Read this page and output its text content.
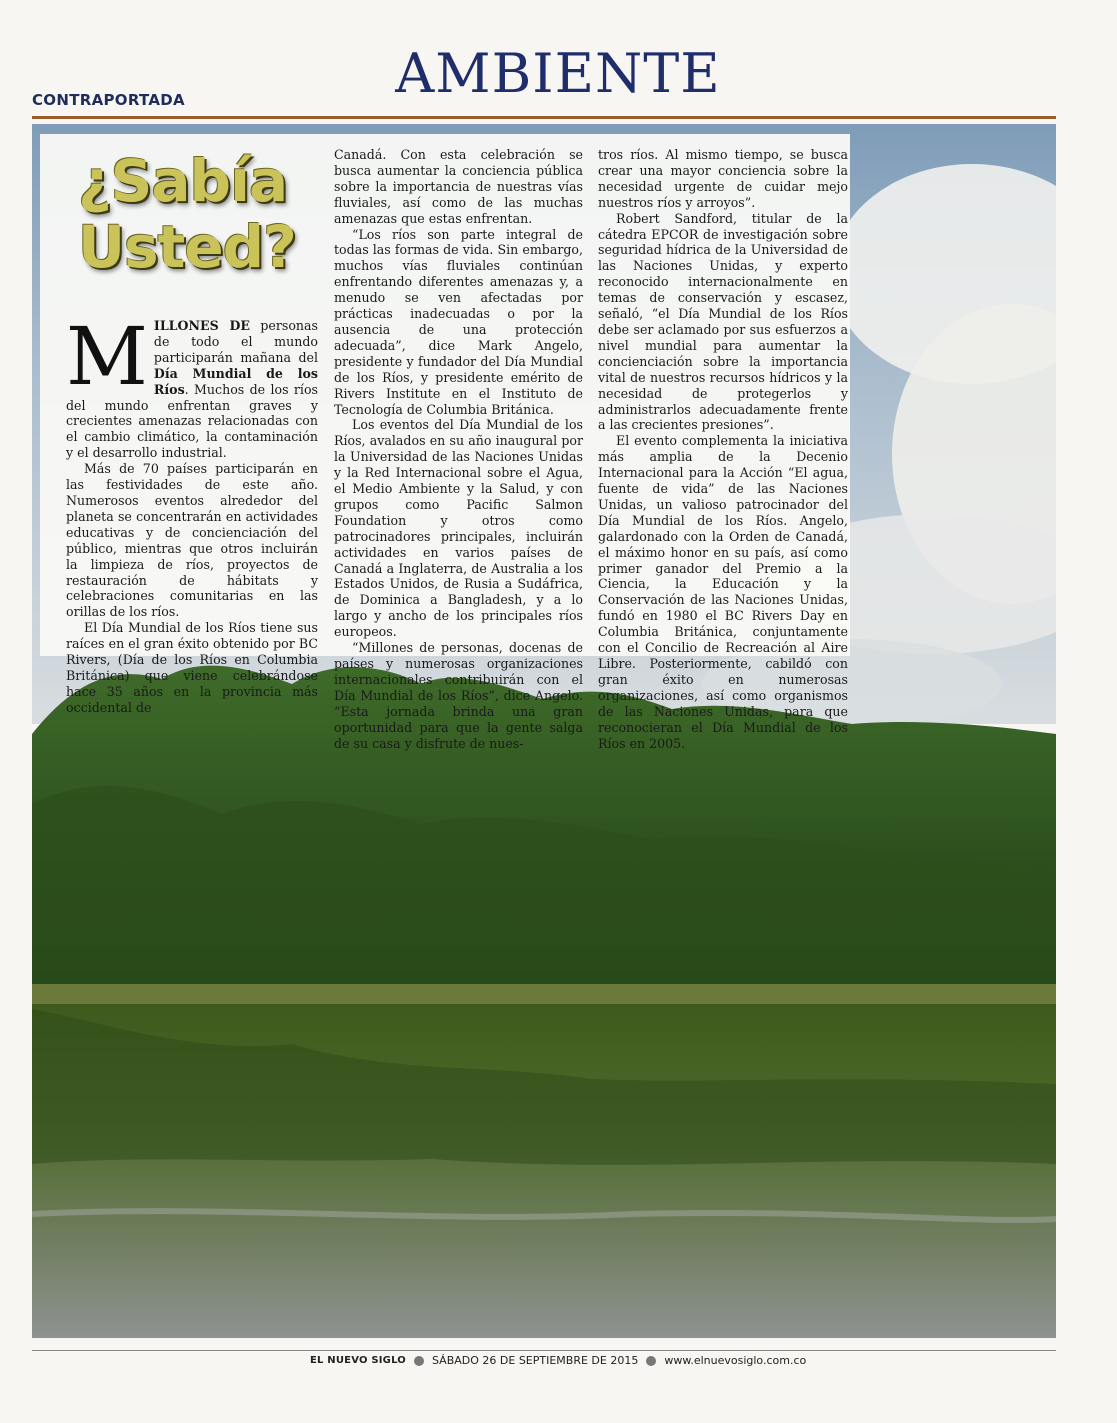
CONTRAPORTADA	AMBIENTE
¿Sabía
Usted?

MILLONES DE personas de todo el mundo participarán mañana del Día Mundial de los Ríos. Muchos de los ríos del mundo enfrentan graves y crecientes amenazas relacionadas con el cambio climático, la contaminación y el desarrollo industrial.

Más de 70 países participarán en las festividades de este año. Numerosos eventos alrededor del planeta se concentrarán en actividades educativas y de concienciación del público, mientras que otros incluirán la limpieza de ríos, proyectos de restauración de hábitats y celebraciones comunitarias en las orillas de los ríos.

El Día Mundial de los Ríos tiene sus raíces en el gran éxito obtenido por BC Rivers, (Día de los Ríos en Columbia Británica) que viene celebrándose hace 35 años en la provincia más occidental de

Canadá. Con esta celebración se busca aumentar la conciencia pública sobre la importancia de nuestras vías fluviales, así como de las muchas amenazas que estas enfrentan.

“Los ríos son parte integral de todas las formas de vida. Sin embargo, muchos vías fluviales continúan enfrentando diferentes amenazas y, a menudo se ven afectadas por prácticas inadecuadas o por la ausencia de una protección adecuada”, dice Mark Angelo, presidente y fundador del Día Mundial de los Ríos, y presidente emérito de Rivers Institute en el Instituto de Tecnología de Columbia Británica.

Los eventos del Día Mundial de los Ríos, avalados en su año inaugural por la Universidad de las Naciones Unidas y la Red Internacional sobre el Agua, el Medio Ambiente y la Salud, y con grupos como Pacific Salmon Foundation y otros como patrocinadores principales, incluirán actividades en varios países de Canadá a Inglaterra, de Australia a los Estados Unidos, de Rusia a Sudáfrica, de Dominica a Bangladesh, y a lo largo y ancho de los principales ríos europeos.

“Millones de personas, docenas de países y numerosas organizaciones internacionales contribuirán con el Día Mundial de los Ríos”, dice Angelo. “Esta jornada brinda una gran oportunidad para que la gente salga de su casa y disfrute de nues-

tros ríos. Al mismo tiempo, se busca crear una mayor conciencia sobre la necesidad urgente de cuidar mejo nuestros ríos y arroyos”.

Robert Sandford, titular de la cátedra EPCOR de investigación sobre seguridad hídrica de la Universidad de las Naciones Unidas, y experto reconocido internacionalmente en temas de conservación y escasez, señaló, “el Día Mundial de los Ríos debe ser aclamado por sus esfuerzos a nivel mundial para aumentar la concienciación sobre la importancia vital de nuestros recursos hídricos y la necesidad de protegerlos y administrarlos adecuadamente frente a las crecientes presiones”.

El evento complementa la iniciativa más amplia de la Decenio Internacional para la Acción “El agua, fuente de vida” de las Naciones Unidas, un valioso patrocinador del Día Mundial de los Ríos. Angelo, galardonado con la Orden de Canadá, el máximo honor en su país, así como primer ganador del Premio a la Ciencia, la Educación y la Conservación de las Naciones Unidas, fundó en 1980 el BC Rivers Day en Columbia Británica, conjuntamente con el Concilio de Recreación al Aire Libre. Posteriormente, cabildó con gran éxito en numerosas organizaciones, así como organismos de las Naciones Unidas, para que reconocieran el Día Mundial de los Ríos en 2005.

EL NUEVO SIGLO SÁBADO 26 DE SEPTIEMBRE DE 2015 www.elnuevosiglo.com.co
